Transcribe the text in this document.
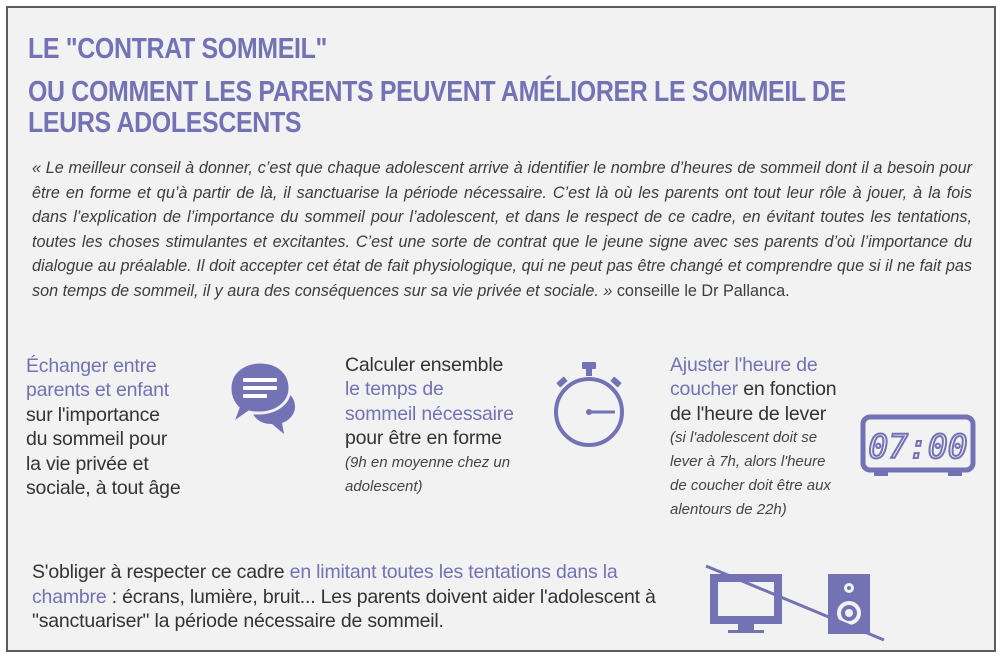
LE "CONTRAT SOMMEIL"
OU COMMENT LES PARENTS PEUVENT AMÉLIORER LE SOMMEIL DE
LEURS ADOLESCENTS

« Le meilleur conseil à donner, c’est que chaque adolescent arrive à identifier le nombre d’heures de sommeil dont il a besoin pour être en forme et qu’à partir de là, il sanctuarise la période nécessaire. C’est là où les parents ont tout leur rôle à jouer, à la fois dans l’explication de l’importance du sommeil pour l’adolescent, et dans le respect de ce cadre, en évitant toutes les tentations, toutes les choses stimulantes et excitantes. C’est une sorte de contrat que le jeune signe avec ses parents d’où l’importance du dialogue au préalable. Il doit accepter cet état de fait physiologique, qui ne peut pas être changé et comprendre que si il ne fait pas son temps de sommeil, il y aura des conséquences sur sa vie privée et sociale. » conseille le Dr Pallanca.

Échanger entre
parents et enfant
sur l'importance
du sommeil pour
la vie privée et
sociale, à tout âge
Calculer ensemble
le temps de
sommeil nécessaire
pour être en forme
(9h en moyenne chez un
adolescent)
Ajuster l'heure de
coucher en fonction
de l'heure de lever
(si l'adolescent doit se
lever à 7h, alors l'heure
de coucher doit être aux
alentours de 22h)
07:00

S'obliger à respecter ce cadre en limitant toutes les tentations dans la chambre : écrans, lumière, bruit... Les parents doivent aider l'adolescent à "sanctuariser" la période nécessaire de sommeil.
